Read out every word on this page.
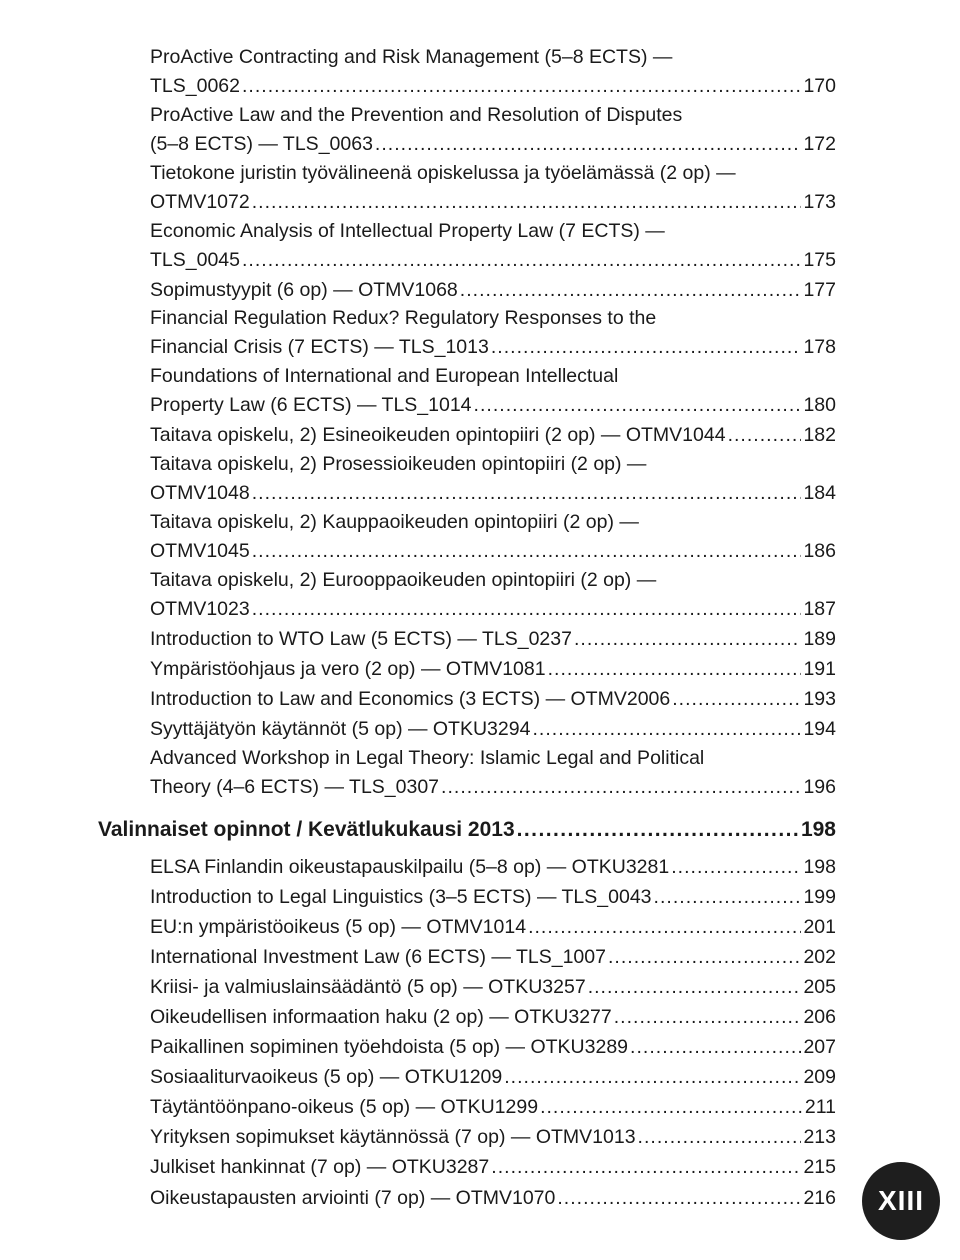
ProActive Contracting and Risk Management (5–8 ECTS) —
TLS_0062 . . .	170
ProActive Law and the Prevention and Resolution of Disputes
(5–8 ECTS) — TLS_0063 . . .	172
Tietokone juristin työvälineenä opiskelussa ja työelämässä (2 op) —
OTMV1072 . . .	173
Economic Analysis of Intellectual Property Law (7 ECTS) —
TLS_0045 . . .	175
Sopimustyypit (6 op) — OTMV1068 . . .	177
Financial Regulation Redux? Regulatory Responses to the
Financial Crisis (7 ECTS) — TLS_1013 . . .	178
Foundations of International and European Intellectual
Property Law (6 ECTS) — TLS_1014 . . .	180
Taitava opiskelu, 2) Esineoikeuden opintopiiri (2 op) — OTMV1044 . . .	182
Taitava opiskelu, 2) Prosessioikeuden opintopiiri (2 op) —
OTMV1048 . . .	184
Taitava opiskelu, 2) Kauppaoikeuden opintopiiri (2 op) —
OTMV1045 . . .	186
Taitava opiskelu, 2) Eurooppaoikeuden opintopiiri (2 op) —
OTMV1023 . . .	187
Introduction to WTO Law (5 ECTS) — TLS_0237 . . .	189
Ympäristöohjaus ja vero (2 op) — OTMV1081 . . .	191
Introduction to Law and Economics (3 ECTS) — OTMV2006 . . .	193
Syyttäjätyön käytännöt (5 op) — OTKU3294 . . .	194
Advanced Workshop in Legal Theory: Islamic Legal and Political
Theory (4–6 ECTS) — TLS_0307 . . .	196
Valinnaiset opinnot / Kevätlukukausi 2013 . . .	198
ELSA Finlandin oikeustapauskilpailu (5–8 op) — OTKU3281 . . .	198
Introduction to Legal Linguistics (3–5 ECTS) — TLS_0043 . . .	199
EU:n ympäristöoikeus (5 op) — OTMV1014 . . .	201
International Investment Law (6 ECTS) — TLS_1007 . . .	202
Kriisi- ja valmiuslainsäädäntö (5 op) — OTKU3257 . . .	205
Oikeudellisen informaation haku (2 op) — OTKU3277 . . .	206
Paikallinen sopiminen työehdoista (5 op) — OTKU3289 . . .	207
Sosiaaliturvaoikeus (5 op) — OTKU1209 . . .	209
Täytäntöönpano-oikeus (5 op) — OTKU1299 . . .	211
Yrityksen sopimukset käytännössä (7 op) — OTMV1013 . . .	213
Julkiset hankinnat (7 op) — OTKU3287 . . .	215
Oikeustapausten arviointi (7 op) — OTMV1070 . . .	216 XIII
